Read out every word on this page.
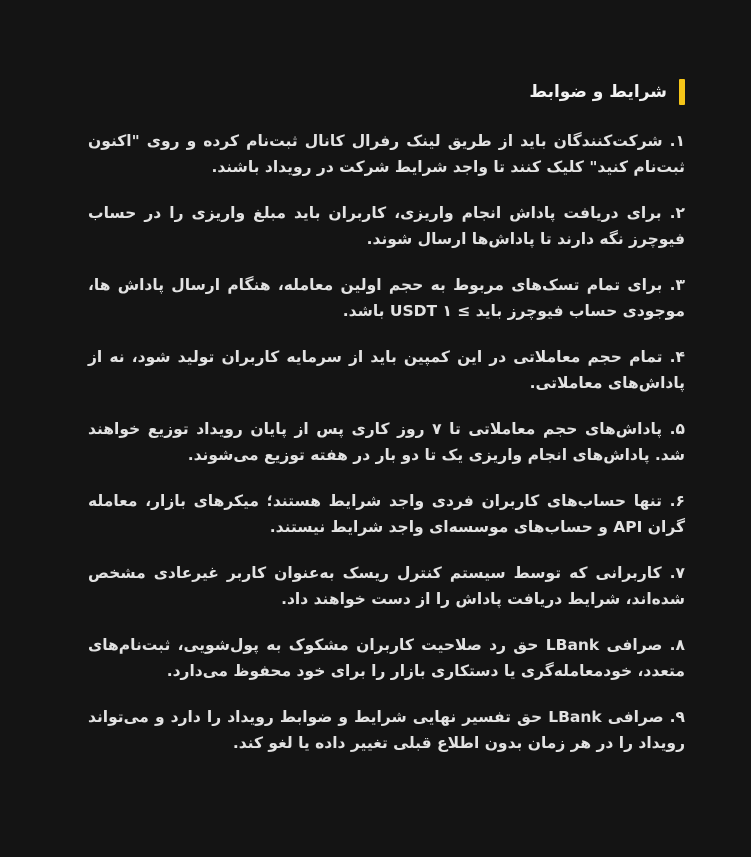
شرایط و ضوابط
۱. شرکت‌کنندگان باید از طریق لینک رفرال کانال ثبت‌نام کرده و روی "اکنون ثبت‌نام کنید" کلیک کنند تا واجد شرایط شرکت در رویداد باشند.
۲. برای دریافت پاداش انجام واریزی، کاربران باید مبلغ واریزی را در حساب فیوچرز نگه دارند تا پاداش‌ها ارسال شوند.
۳. برای تمام تسک‌های مربوط به حجم اولین معامله، هنگام ارسال پاداش ها، موجودی حساب فیوچرز باید ≥ ۱ USDT باشد.
۴. تمام حجم معاملاتی در این کمپین باید از سرمایه کاربران تولید شود، نه از پاداش‌های معاملاتی.
۵. پاداش‌های حجم معاملاتی تا ۷ روز کاری پس از پایان رویداد توزیع خواهند شد. پاداش‌های انجام واریزی یک تا دو بار در هفته توزیع می‌شوند.
۶. تنها حساب‌های کاربران فردی واجد شرایط هستند؛ میکرهای بازار، معامله گران API و حساب‌های موسسه‌ای واجد شرایط نیستند.
۷. کاربرانی که توسط سیستم کنترل ریسک به‌عنوان کاربر غیرعادی مشخص شده‌اند، شرایط دریافت پاداش را از دست خواهند داد.
۸. صرافی LBank حق رد صلاحیت کاربران مشکوک به پول‌شویی، ثبت‌نام‌های متعدد، خودمعامله‌گری یا دستکاری بازار را برای خود محفوظ می‌دارد.
۹. صرافی LBank حق تفسیر نهایی شرایط و ضوابط رویداد را دارد و می‌تواند رویداد را در هر زمان بدون اطلاع قبلی تغییر داده یا لغو کند.
